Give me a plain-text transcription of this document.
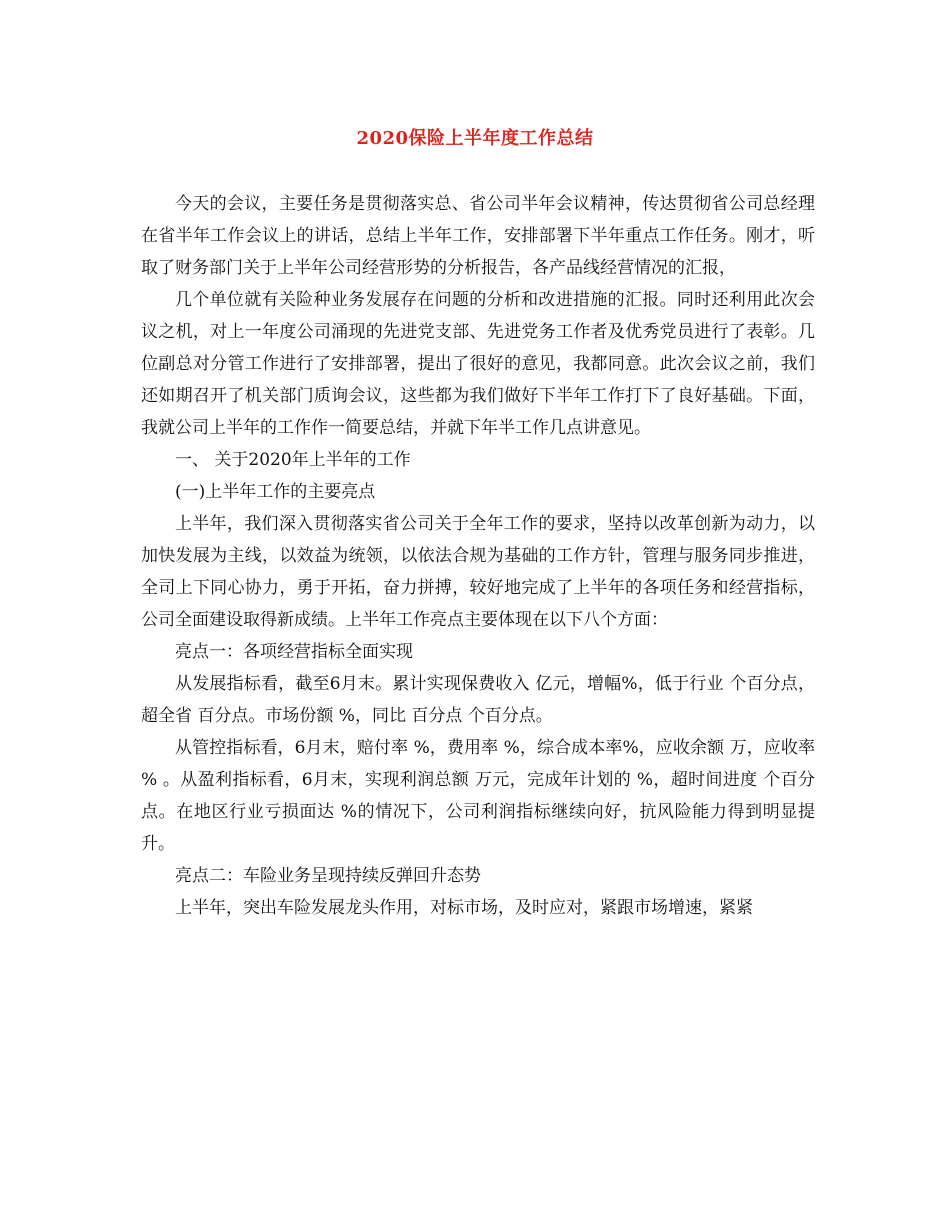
2020保险上半年度工作总结

今天的会议，主要任务是贯彻落实总、省公司半年会议精神，传达贯彻省公司总经理在省半年工作会议上的讲话，总结上半年工作，安排部署下半年重点工作任务。刚才，听取了财务部门关于上半年公司经营形势的分析报告，各产品线经营情况的汇报，

几个单位就有关险种业务发展存在问题的分析和改进措施的汇报。同时还利用此次会议之机，对上一年度公司涌现的先进党支部、先进党务工作者及优秀党员进行了表彰。几位副总对分管工作进行了安排部署，提出了很好的意见，我都同意。此次会议之前，我们还如期召开了机关部门质询会议，这些都为我们做好下半年工作打下了良好基础。下面，我就公司上半年的工作作一简要总结，并就下年半工作几点讲意见。

一、 关于2020年上半年的工作

(一)上半年工作的主要亮点

上半年，我们深入贯彻落实省公司关于全年工作的要求，坚持以改革创新为动力，以加快发展为主线，以效益为统领，以依法合规为基础的工作方针，管理与服务同步推进，全司上下同心协力，勇于开拓，奋力拼搏，较好地完成了上半年的各项任务和经营指标，公司全面建设取得新成绩。上半年工作亮点主要体现在以下八个方面：

亮点一：各项经营指标全面实现

从发展指标看，截至6月末。累计实现保费收入 亿元，增幅%，低于行业 个百分点，超全省 百分点。市场份额 %，同比 百分点 个百分点。

从管控指标看，6月末，赔付率 %，费用率 %，综合成本率%，应收余额 万，应收率 % 。从盈利指标看，6月末，实现利润总额 万元，完成年计划的 %，超时间进度 个百分点。在地区行业亏损面达 %的情况下，公司利润指标继续向好，抗风险能力得到明显提升。

亮点二：车险业务呈现持续反弹回升态势

上半年，突出车险发展龙头作用，对标市场，及时应对，紧跟市场增速，紧紧
